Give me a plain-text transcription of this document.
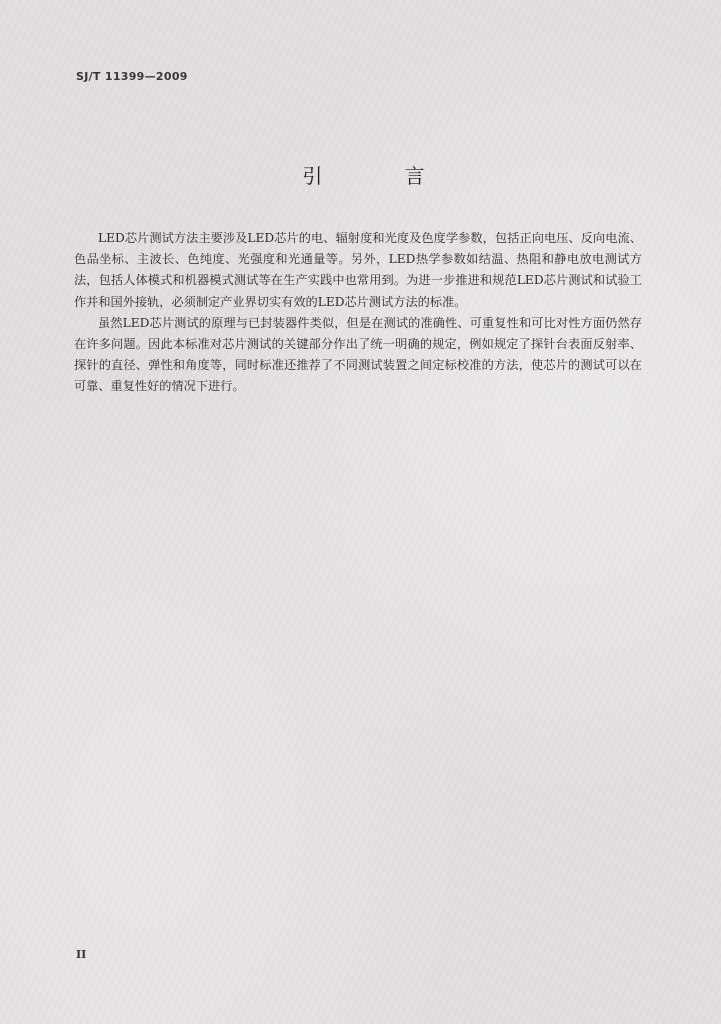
SJ/T 11399—2009
引 言

LED芯片测试方法主要涉及LED芯片的电、辐射度和光度及色度学参数，包括正向电压、反向电流、色品坐标、主波长、色纯度、光强度和光通量等。另外，LED热学参数如结温、热阻和静电放电测试方法，包括人体模式和机器模式测试等在生产实践中也常用到。为进一步推进和规范LED芯片测试和试验工作并和国外接轨，必须制定产业界切实有效的LED芯片测试方法的标准。

虽然LED芯片测试的原理与已封装器件类似，但是在测试的准确性、可重复性和可比对性方面仍然存在许多问题。因此本标准对芯片测试的关键部分作出了统一明确的规定，例如规定了探针台表面反射率、探针的直径、弹性和角度等，同时标准还推荐了不同测试装置之间定标校准的方法，使芯片的测试可以在可靠、重复性好的情况下进行。

II
